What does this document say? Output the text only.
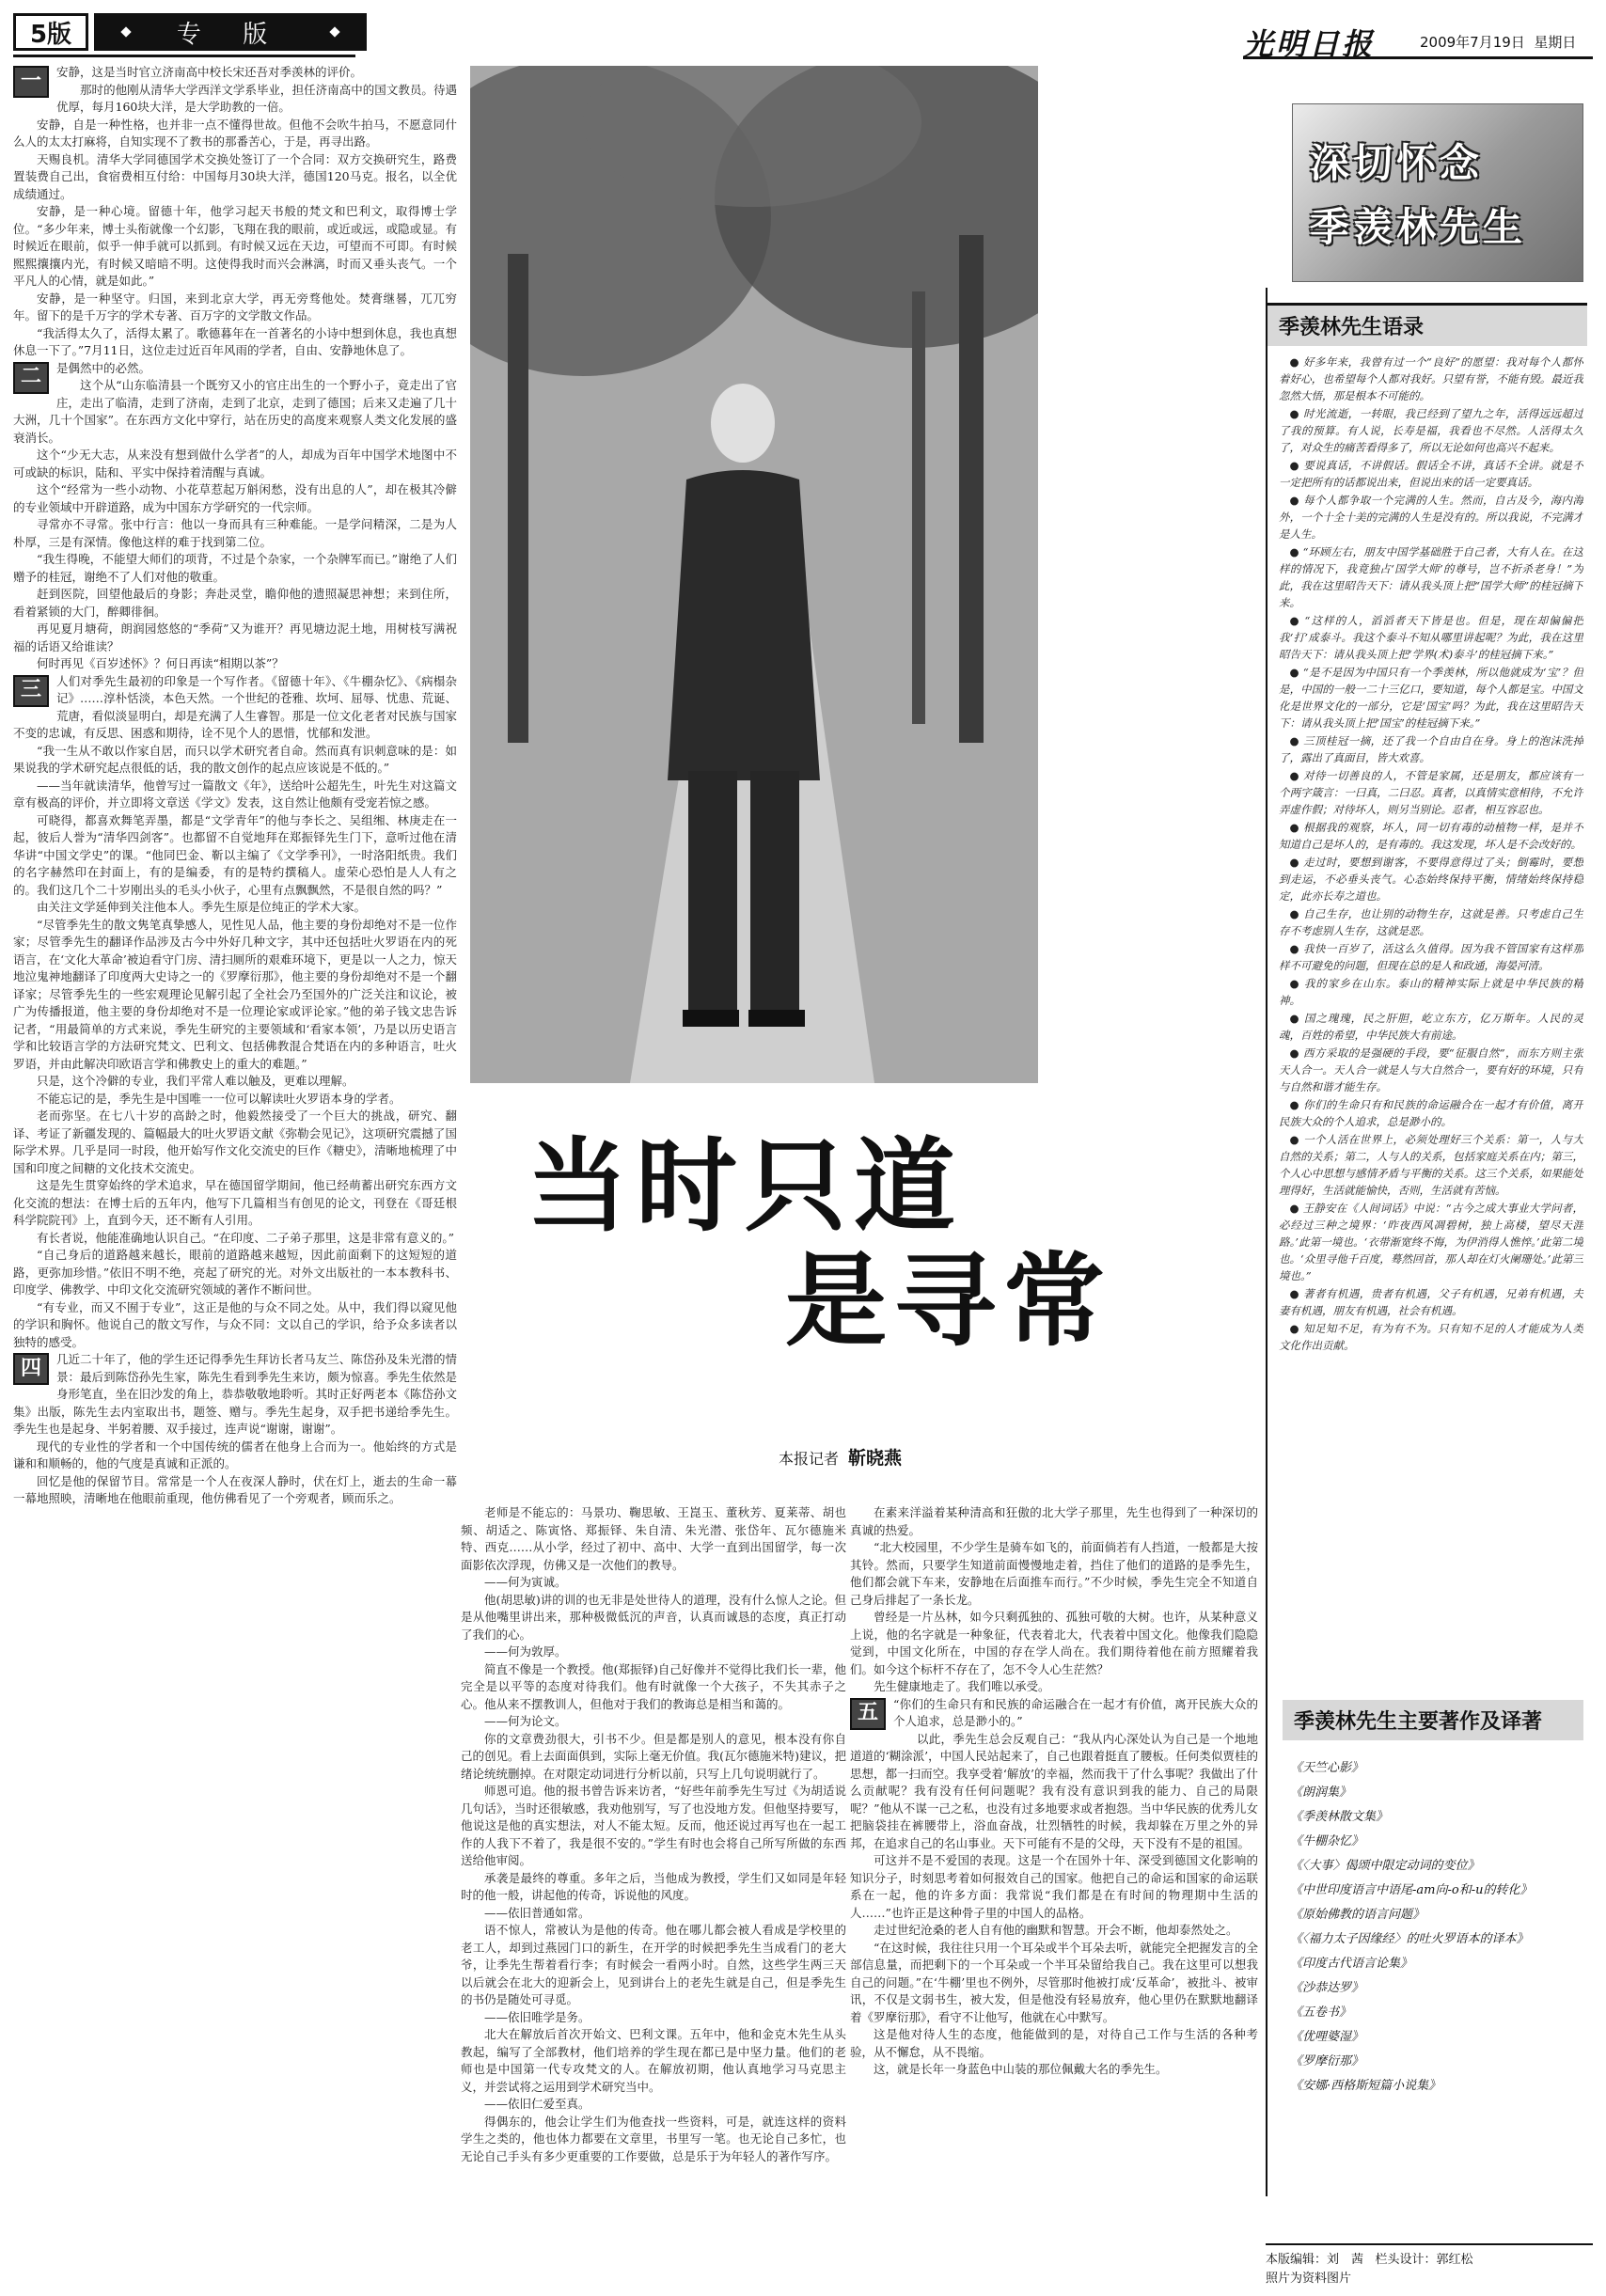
5版	专 版	光明日报	2009年7月19日 星期日

一	安静，这是当时官立济南高中校长宋还吾对季羡林的评价。

那时的他刚从清华大学西洋文学系毕业，担任济南高中的国文教员。待遇优厚，每月160块大洋，是大学助教的一倍。

安静，自是一种性格，也并非一点不懂得世故。但他不会吹牛拍马，不愿意同什么人的太太打麻将，自知实现不了教书的那番苦心，于是，再寻出路。

天赐良机。清华大学同德国学术交换处签订了一个合同：双方交换研究生，路费置装费自己出，食宿费相互付给：中国每月30块大洋，德国120马克。报名，以全优成绩通过。

安静，是一种心境。留德十年，他学习起天书般的梵文和巴利文，取得博士学位。“多少年来，博士头衔就像一个幻影，飞翔在我的眼前，或近或远，或隐或显。有时候近在眼前，似乎一伸手就可以抓到。有时候又远在天边，可望而不可即。有时候熙熙攘攘内光，有时候又暗暗不明。这使得我时而兴会淋漓，时而又垂头丧气。一个平凡人的心情，就是如此。”

安静，是一种坚守。归国，来到北京大学，再无旁骛他处。焚膏继晷，兀兀穷年。留下的是千万字的学术专著、百万字的文学散文作品。

“我活得太久了，活得太累了。歌德暮年在一首著名的小诗中想到休息，我也真想休息一下了。”7月11日，这位走过近百年风雨的学者，自由、安静地休息了。

二	是偶然中的必然。

这个从“山东临清县一个既穷又小的官庄出生的一个野小子，竟走出了官庄，走出了临清，走到了济南，走到了北京，走到了德国；后来又走遍了几十大洲，几十个国家”。在东西方文化中穿行，站在历史的高度来观察人类文化发展的盛衰消长。

这个“少无大志，从来没有想到做什么学者”的人，却成为百年中国学术地图中不可或缺的标识，陆和、平实中保持着清醒与真诚。

这个“经常为一些小动物、小花草惹起万斛闲愁，没有出息的人”，却在极其冷僻的专业领域中开辟道路，成为中国东方学研究的一代宗师。

寻常亦不寻常。张中行言：他以一身而具有三种难能。一是学问精深，二是为人朴厚，三是有深情。像他这样的难于找到第二位。

“我生得晚，不能望大师们的项背，不过是个杂家，一个杂牌军而已。”谢绝了人们赠予的桂冠，谢绝不了人们对他的敬重。

赶到医院，回望他最后的身影；奔赴灵堂，瞻仰他的遗照凝思神想；来到住所，看着紧锁的大门，醉卿徘徊。

再见夏月塘荷，朗润园悠悠的“季荷”又为谁开？再见塘边泥土地，用树枝写满祝福的话语又给谁读？

何时再见《百岁述怀》？何日再读“相期以茶”？

三	人们对季先生最初的印象是一个写作者。《留德十年》、《牛棚杂忆》、《病榻杂记》……淳朴恬淡，本色天然。一个世纪的苍雅、坎坷、屈辱、忧患、荒诞、荒唐，看似淡显明白，却是充满了人生睿智。那是一位文化老者对民族与国家不变的忠诚，有反思、困惑和期待，诠不见个人的恩惜，忧郁和发泄。

“我一生从不敢以作家自居，而只以学术研究者自命。然而真有识刺意味的是：如果说我的学术研究起点很低的话，我的散文创作的起点应该说是不低的。”

——当年就读清华，他曾写过一篇散文《年》，送给叶公超先生，叶先生对这篇文章有极高的评价，并立即将文章送《学文》发表，这自然让他颇有受宠若惊之感。

可晓得，都喜欢舞笔弄墨，都是“文学青年”的他与李长之、吴组缃、林庚走在一起，彼后人誉为“清华四剑客”。也都留不自觉地拜在郑振铎先生门下，意听过他在清华讲“中国文学史”的课。“他同巴金、靳以主编了《文学季刊》，一时洛阳纸贵。我们的名字赫然印在封面上，有的是编委，有的是特约撰稿人。虚荣心恐怕是人人有之的。我们这几个二十岁刚出头的毛头小伙子，心里有点飘飘然，不是很自然的吗？”

由关注文学延伸到关注他本人。季先生原是位纯正的学术大家。

“尽管季先生的散文隽笔真挚感人，见性见人品，他主要的身份却绝对不是一位作家；尽管季先生的翻译作品涉及古今中外好几种文字，其中还包括吐火罗语在内的死语言，在‘文化大革命’被迫看守门房、清扫厕所的艰难环境下，更是以一人之力，惊天地泣鬼神地翻译了印度两大史诗之一的《罗摩衍那》，他主要的身份却绝对不是一个翻译家；尽管季先生的一些宏观理论见解引起了全社会乃至国外的广泛关注和议论，被广为传播报道，他主要的身份却绝对不是一位理论家或评论家。”他的弟子钱文忠告诉记者，“用最简单的方式来说，季先生研究的主要领域和‘看家本领’，乃是以历史语言学和比较语言学的方法研究梵文、巴利文、包括佛教混合梵语在内的多种语言，吐火罗语，并由此解决印欧语言学和佛教史上的重大的难题。”

只是，这个冷僻的专业，我们平常人难以触及，更难以理解。

不能忘记的是，季先生是中国唯一一位可以解读吐火罗语本身的学者。

老而弥坚。在七八十岁的高龄之时，他毅然接受了一个巨大的挑战，研究、翻译、考证了新疆发现的、篇幅最大的吐火罗语文献《弥勒会见记》，这项研究震撼了国际学术界。几乎是同一时段，他开始写作文化交流史的巨作《糖史》，清晰地梳理了中国和印度之间糖的文化技术交流史。

这是先生贯穿始终的学术追求，早在德国留学期间，他已经萌蓄出研究东西方文化交流的想法：在博士后的五年内，他写下几篇相当有创见的论文，刊登在《哥廷根科学院院刊》上，直到今天，还不断有人引用。

有长者说，他能准确地认识自己。“在印度、二子弟子那里，这是非常有意义的。”

“自己身后的道路越来越长，眼前的道路越来越短，因此前面剩下的这短短的道路，更弥加珍惜。”依旧不明不绝，亮起了研究的光。对外文出版社的一本本教科书、印度学、佛教学、中印文化交流研究领域的著作不断问世。

“有专业，而又不囿于专业”，这正是他的与众不同之处。从中，我们得以窥见他的学识和胸怀。他说自己的散文写作，与众不同：文以自己的学识，给予众多读者以独特的感受。

四	几近二十年了，他的学生还记得季先生拜访长者马友兰、陈岱孙及朱光潜的情景：最后到陈岱孙先生家，陈先生看到季先生来访，颇为惊喜。季先生依然是身形笔直，坐在旧沙发的角上，恭恭敬敬地聆听。其时正好两老本《陈岱孙文集》出版，陈先生去内室取出书，题签、赠与。季先生起身，双手把书递给季先生。季先生也是起身、半躬着腰、双手接过，连声说“谢谢，谢谢”。

现代的专业性的学者和一个中国传统的儒者在他身上合而为一。他始终的方式是谦和和顺畅的，他的气度是真诚和正派的。

回忆是他的保留节目。常常是一个人在夜深人静时，伏在灯上，逝去的生命一幕一幕地照映，清晰地在他眼前重现，他仿佛看见了一个旁观者，顾而乐之。

老师是不能忘的：马景功、鞠思敏、王崑玉、董秋芳、夏莱蒂、胡也频、胡适之、陈寅恪、郑振铎、朱自清、朱光潜、张岱年、瓦尔德施米特、西克……从小学，经过了初中、高中、大学一直到出国留学，每一次面影依次浮现，仿佛又是一次他们的教导。

——何为寅诚。

他(胡思敏)讲的训的也无非是处世待人的道理，没有什么惊人之论。但是从他嘴里讲出来，那种极微低沉的声音，认真而诚恳的态度，真正打动了我们的心。

——何为敦厚。

简直不像是一个教授。他(郑振铎)自己好像并不觉得比我们长一辈，他完全是以平等的态度对待我们。他有时就像一个大孩子，不失其赤子之心。他从来不摆教训人，但他对于我们的教诲总是相当和蔼的。

——何为论文。

你的文章费劲很大，引书不少。但是都是别人的意见，根本没有你自己的创见。看上去面面俱到，实际上毫无价值。我(瓦尔德施米特)建议，把绪论统统删掉。在对限定动词进行分析以前，只写上几句说明就行了。

师恩可追。他的报书曾告诉来访者，“好些年前季先生写过《为胡适说几句话》，当时还很敏感，我劝他别写，写了也没地方发。但他坚持要写，他说这是他的真实想法，对人不能太短。反而，他还说过再写也在一起工作的人我下不着了，我是很不安的。”学生有时也会将自己所写所做的东西送给他审阅。

承袭是最终的尊重。多年之后，当他成为教授，学生们又如同是年轻时的他一般，讲起他的传奇，诉说他的风度。

——依旧普通如常。

语不惊人，常被认为是他的传奇。他在哪儿都会被人看成是学校里的老工人，却到过燕园门口的新生，在开学的时候把季先生当成看门的老大爷，让季先生帮着看行李；有时候会一看两小时。自然，这些学生两三天以后就会在北大的迎新会上，见到讲台上的老先生就是自己，但是季先生的书仍是随处可寻觅。

——依旧唯学是务。

北大在解放后首次开始文、巴利文课。五年中，他和金克木先生从头教起，编写了全部教材，他们培养的学生现在都已是中坚力量。他们的老师也是中国第一代专攻梵文的人。在解放初期，他认真地学习马克思主义，并尝试将之运用到学术研究当中。

——依旧仁爱至真。

得偶东的，他会让学生们为他查找一些资料，可是，就连这样的资料学生之类的，他也体力都要在文章里，书里写一笔。也无论自己多忙，也无论自己手头有多少更重要的工作要做，总是乐于为年轻人的著作写序。

在素来洋溢着某种清高和狂傲的北大学子那里，先生也得到了一种深切的真诚的热爱。

“北大校园里，不少学生是骑车如飞的，前面倘若有人挡道，一般都是大按其铃。然而，只要学生知道前面慢慢地走着，挡住了他们的道路的是季先生，他们都会就下车来，安静地在后面推车而行。”不少时候，季先生完全不知道自己身后排起了一条长龙。

曾经是一片丛林，如今只剩孤独的、孤独可敬的大树。也许，从某种意义上说，他的名字就是一种象征，代表着北大，代表着中国文化。他像我们隐隐觉到，中国文化所在，中国的存在学人尚在。我们期待着他在前方照耀着我们。如今这个标杆不存在了，怎不令人心生茫然？

先生健康地走了。我们唯以承受。

五	“你们的生命只有和民族的命运融合在一起才有价值，离开民族大众的个人追求，总是渺小的。”

以此，季先生总会反观自己：“我从内心深处认为自己是一个地地道道的‘糊涂派’，中国人民站起来了，自己也跟着挺直了腰板。任何类似贾桂的思想，都一扫而空。我享受着‘解放’的幸福，然而我干了什么事呢？我做出了什么贡献呢？我有没有任何问题呢？我有没有意识到我的能力、自己的局限呢？”他从不谋一己之私，也没有过多地要求或者抱怨。当中华民族的优秀儿女把脑袋挂在裤腰带上，浴血奋战，壮烈牺牲的时候，我却躲在万里之外的异邦，在追求自己的名山事业。天下可能有不是的父母，天下没有不是的祖国。

可这并不是不爱国的表现。这是一个在国外十年、深受到德国文化影响的知识分子，时刻思考着如何报效自己的国家。他把自己的命运和国家的命运联系在一起，他的许多方面：我常说“我们都是在有时间的物理期中生活的人……”也许正是这种骨子里的中国人的品格。

走过世纪沧桑的老人自有他的幽默和智慧。开会不断，他却泰然处之。

“在这时候，我往往只用一个耳朵或半个耳朵去听，就能完全把握发言的全部信息量，而把剩下的一个耳朵或一个半耳朵留给我自己。我在这里可以想我自己的问题。”在‘牛棚’里也不例外，尽管那时他被打成‘反革命’，被批斗、被审讯，不仅是文弱书生，被大发，但是他没有轻易放弃，他心里仍在默默地翻译着《罗摩衍那》，看守不让他写，他就在心中默写。

这是他对待人生的态度，他能做到的是，对待自己工作与生活的各种考验，从不懈怠，从不畏缩。

这，就是长年一身蓝色中山装的那位佩戴大名的季先生。

当时只道
是寻常
本报记者 靳晓燕
深切怀念
季羡林先生
季羡林先生语录

● 好多年来，我曾有过一个“良好”的愿望：我对每个人都怀着好心，也希望每个人都对我好。只望有誉，不能有毁。最近我忽然大悟，那是根本不可能的。

● 时光流逝，一转眼，我已经到了望九之年，活得远远超过了我的预算。有人说，长寿是福，我看也不尽然。人活得太久了，对众生的痛苦看得多了，所以无论如何也高兴不起来。

● 要说真话，不讲假话。假话全不讲，真话不全讲。就是不一定把所有的话都说出来，但说出来的话一定要真话。

● 每个人都争取一个完满的人生。然而，自古及今，海内海外，一个十全十美的完满的人生是没有的。所以我说，不完满才是人生。

● “环顾左右，朋友中国学基础胜于自己者，大有人在。在这样的情况下，我竟独占‘国学大师’的尊号，岂不折杀老身！”为此，我在这里昭告天下：请从我头顶上把“国学大师”的桂冠摘下来。

● “这样的人，滔滔者天下皆是也。但是，现在却偏偏把我‘打’成泰斗。我这个泰斗不知从哪里讲起呢？为此，我在这里昭告天下：请从我头顶上把‘学界(术)泰斗’的桂冠摘下来。”

● “是不是因为中国只有一个季羡林，所以他就成为‘宝’？但是，中国的一般一二十三亿口，要知道，每个人都是宝。中国文化是世界文化的一部分，它是‘国宝’吗？为此，我在这里昭告天下：请从我头顶上把‘国宝’的桂冠摘下来。”

● 三顶桂冠一摘，还了我一个自由自在身。身上的泡沫洗掉了，露出了真面目，皆大欢喜。

● 对待一切善良的人，不管是家属，还是朋友，都应该有一个两字箴言：一曰真，二曰忍。真者，以真情实意相待，不允许弄虚作假；对待坏人，则另当别论。忍者，相互容忍也。

● 根据我的观察，坏人，同一切有毒的动植物一样，是并不知道自己是坏人的，是有毒的。我这发现，坏人是不会改好的。

● 走过时，要想到谢客，不要得意得过了头；倒霉时，要想到走运，不必垂头丧气。心态始终保持平衡，情绪始终保持稳定，此亦长寿之道也。

● 自己生存，也让别的动物生存，这就是善。只考虑自己生存不考虑别人生存，这就是恶。

● 我快一百岁了，活这么久值得。因为我不管国家有这样那样不可避免的问题，但现在总的是人和政通，海晏河清。

● 我的家乡在山东。泰山的精神实际上就是中华民族的精神。

● 国之瑰瑰，民之肝胆，屹立东方，亿万斯年。人民的灵魂，百姓的希望，中华民族大有前途。

● 西方采取的是强硬的手段，要“征服自然”，而东方则主张天人合一。天人合一就是人与大自然合一，要有好的环境，只有与自然和谐才能生存。

● 你们的生命只有和民族的命运融合在一起才有价值，离开民族大众的个人追求，总是渺小的。

● 一个人活在世界上，必须处理好三个关系：第一，人与大自然的关系；第二，人与人的关系，包括家庭关系在内；第三，个人心中思想与感情矛盾与平衡的关系。这三个关系，如果能处理得好，生活就能愉快，否则，生活就有苦恼。

● 王静安在《人间词话》中说：“古今之成大事业大学问者，必经过三种之境界：‘昨夜西风凋碧树，独上高楼，望尽天涯路。’此第一境也。‘衣带渐宽终不悔，为伊消得人憔悴。’此第二境也。‘众里寻他千百度，蓦然回首，那人却在灯火阑珊处。’此第三境也。”

● 著者有机遇，贵者有机遇，父子有机遇，兄弟有机遇，夫妻有机遇，朋友有机遇，社会有机遇。

● 知足知不足，有为有不为。只有知不足的人才能成为人类文化作出贡献。

季羡林先生主要著作及译著
《天竺心影》
《朗润集》
《季羡林散文集》
《牛棚杂忆》
《〈大事〉偈颂中限定动词的变位》
《中世印度语言中语尾-am向-o和-u的转化》
《原始佛教的语言问题》
《〈福力太子因缘经〉的吐火罗语本的译本》
《印度古代语言论集》
《沙恭达罗》
《五卷书》
《优哩婆湿》
《罗摩衍那》
《安娜·西格斯短篇小说集》
本版编辑：刘　茜 栏头设计：郭红松
照片为资料图片
